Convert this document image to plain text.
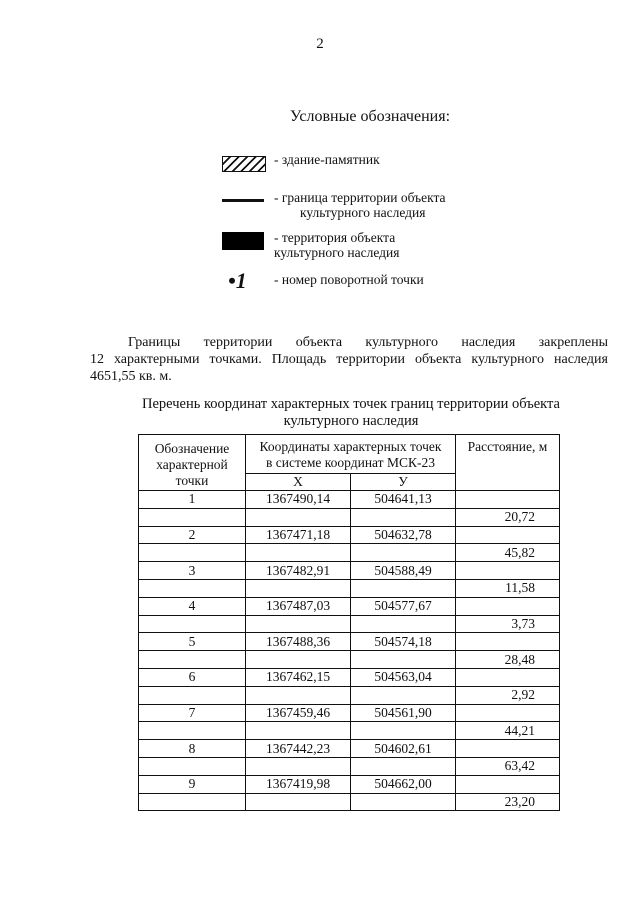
2
Условные обозначения:
- здание-памятник
- граница территории объекта
культурного наследия
- территория объекта
культурного наследия
•1	- номер поворотной точки
Границы территории объекта культурного наследия закреплены
12 характерными точками. Площадь территории объекта культурного наследия 4651,55 кв. м.
Перечень координат характерных точек границ территории объекта
культурного наследия
Обозначение характерной точки	Координаты характерных точек в системе координат МСК-23		Расстояние, м
	X	У	
1	1367490,14	504641,13	
			20,72
2	1367471,18	504632,78	
			45,82
3	1367482,91	504588,49	
			11,58
4	1367487,03	504577,67	
			3,73
5	1367488,36	504574,18	
			28,48
6	1367462,15	504563,04	
			2,92
7	1367459,46	504561,90	
			44,21
8	1367442,23	504602,61	
			63,42
9	1367419,98	504662,00	
			23,20
